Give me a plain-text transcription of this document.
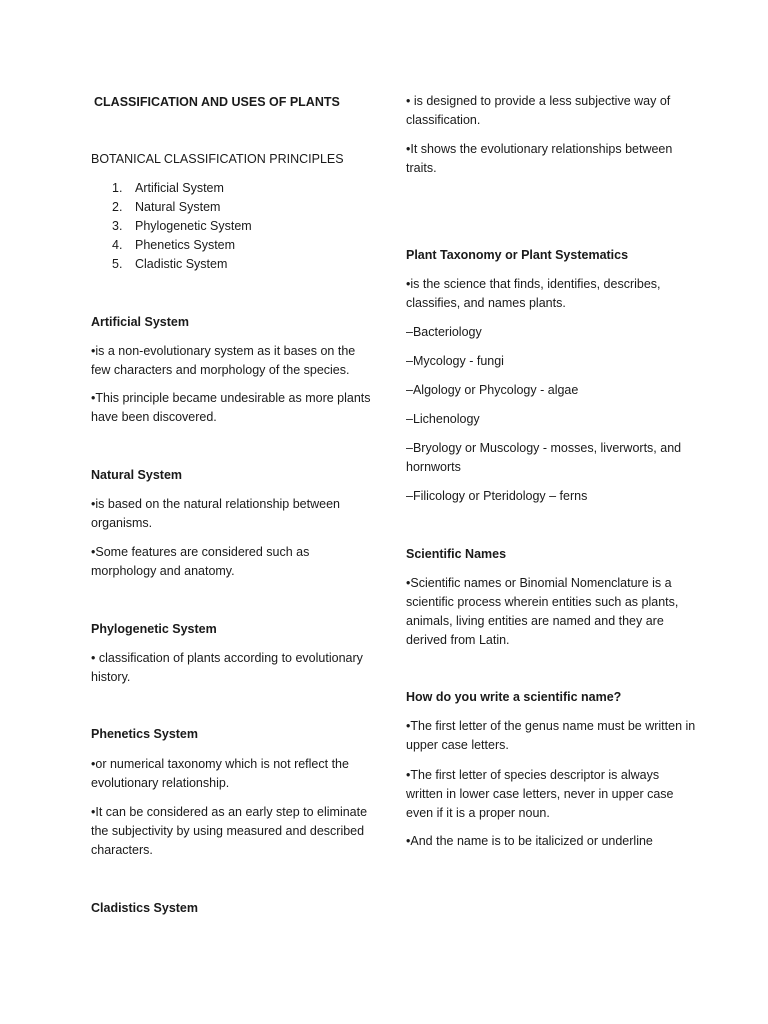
CLASSIFICATION AND USES OF PLANTS
BOTANICAL CLASSIFICATION PRINCIPLES
1. Artificial System
2. Natural System
3. Phylogenetic System
4. Phenetics System
5. Cladistic System
Artificial System

•is a non-evolutionary system as it bases on the few characters and morphology of the species.

•This principle became undesirable as more plants have been discovered.

Natural System

•is based on the natural relationship between organisms.

•Some features are considered such as morphology and anatomy.

Phylogenetic System

• classification of plants according to evolutionary history.

Phenetics System

•or numerical taxonomy which is not reflect the evolutionary relationship.

•It can be considered as an early step to eliminate the subjectivity by using measured and described characters.

Cladistics System

• is designed to provide a less subjective way of classification.

•It shows the evolutionary relationships between traits.

Plant Taxonomy or Plant Systematics

•is the science that finds, identifies, describes, classifies, and names plants.

–Bacteriology

–Mycology - fungi

–Algology or Phycology - algae

–Lichenology

–Bryology or Muscology - mosses, liverworts, and hornworts

–Filicology or Pteridology – ferns

Scientific Names

•Scientific names or Binomial Nomenclature is a scientific process wherein entities such as plants, animals, living entities are named and they are derived from Latin.

How do you write a scientific name?

•The first letter of the genus name must be written in upper case letters.

•The first letter of species descriptor is always written in lower case letters, never in upper case even if it is a proper noun.

•And the name is to be italicized or underline
